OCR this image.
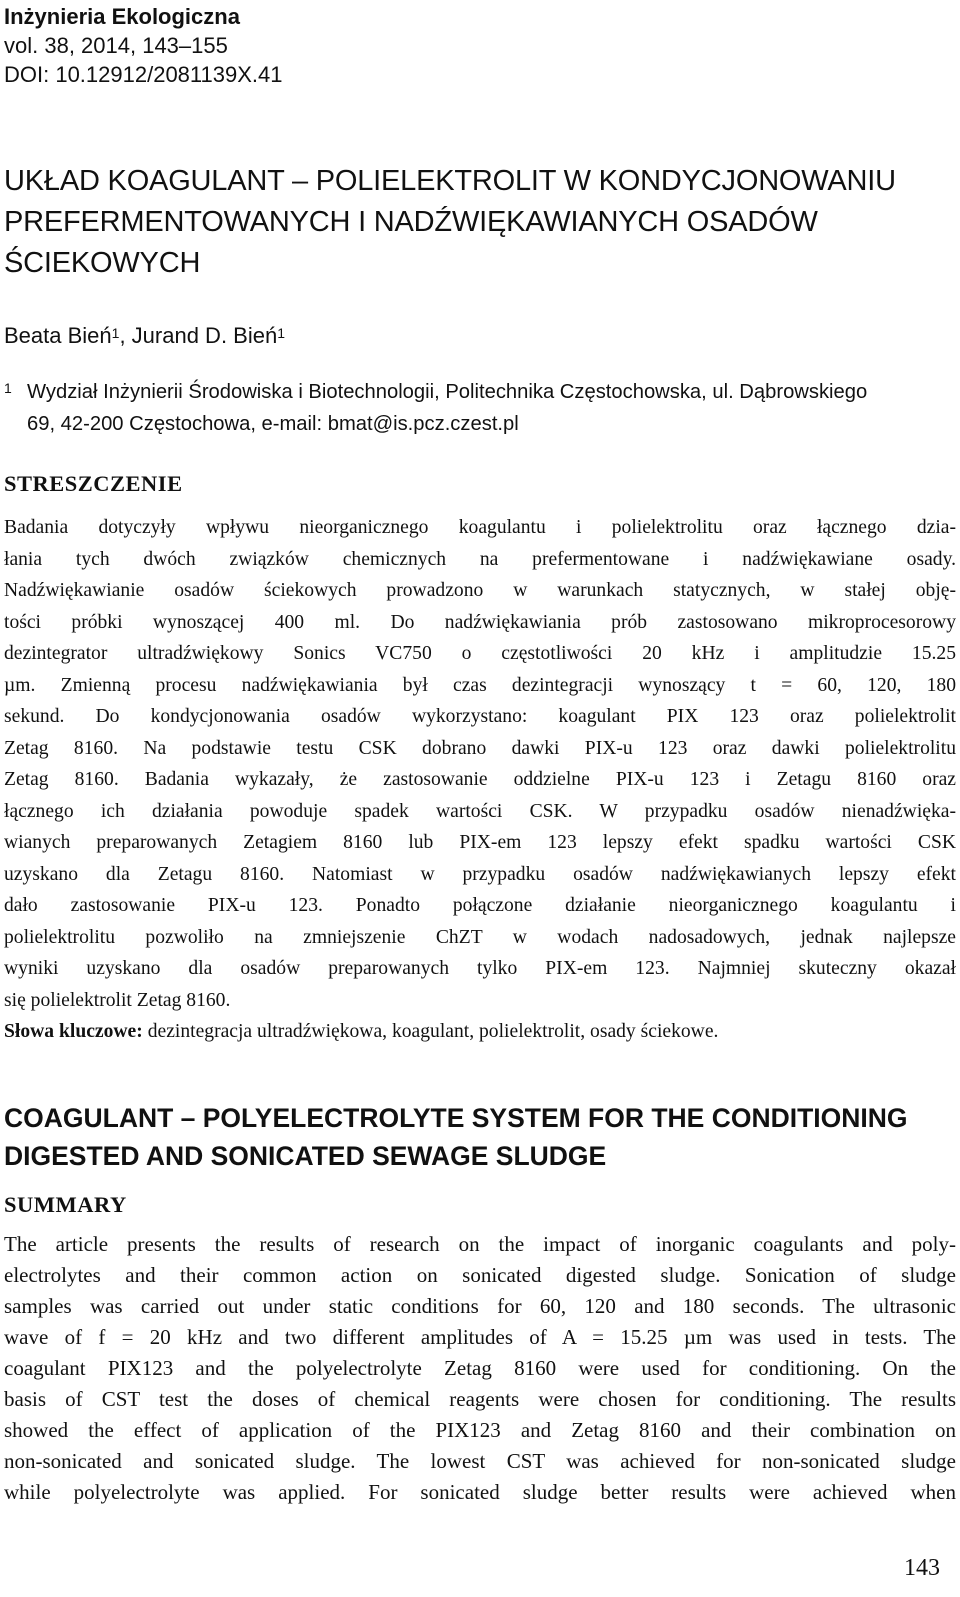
Inżynieria Ekologiczna
vol. 38, 2014, 143–155
DOI: 10.12912/2081139X.41
UKŁAD KOAGULANT – POLIELEKTROLIT W KONDYCJONOWANIU
PREFERMENTOWANYCH I NADŹWIĘKAWIANYCH OSADÓW
ŚCIEKOWYCH
Beata Bień$^1$, Jurand D. Bień$^1$
1 Wydział Inżynierii Środowiska i Biotechnologii, Politechnika Częstochowska, ul. Dąbrowskiego
69, 42-200 Częstochowa, e-mail: bmat@is.pcz.czest.pl
STRESZCZENIE
Badania dotyczyły wpływu nieorganicznego koagulantu i polielektrolitu oraz łącznego dzia-
łania tych dwóch związków chemicznych na prefermentowane i nadźwiękawiane osady.
Nadźwiękawianie osadów ściekowych prowadzono w warunkach statycznych, w stałej obję-
tości próbki wynoszącej 400 ml. Do nadźwiękawiania prób zastosowano mikroprocesorowy
dezintegrator ultradźwiękowy Sonics VC750 o częstotliwości 20 kHz i amplitudzie 15.25
µm. Zmienną procesu nadźwiękawiania był czas dezintegracji wynoszący t = 60, 120, 180
sekund. Do kondycjonowania osadów wykorzystano: koagulant PIX 123 oraz polielektrolit
Zetag 8160. Na podstawie testu CSK dobrano dawki PIX-u 123 oraz dawki polielektrolitu
Zetag 8160. Badania wykazały, że zastosowanie oddzielne PIX-u 123 i Zetagu 8160 oraz
łącznego ich działania powoduje spadek wartości CSK. W przypadku osadów nienadźwięka-
wianych preparowanych Zetagiem 8160 lub PIX-em 123 lepszy efekt spadku wartości CSK
uzyskano dla Zetagu 8160. Natomiast w przypadku osadów nadźwiękawianych lepszy efekt
dało zastosowanie PIX-u 123. Ponadto połączone działanie nieorganicznego koagulantu i
polielektrolitu pozwoliło na zmniejszenie ChZT w wodach nadosadowych, jednak najlepsze
wyniki uzyskano dla osadów preparowanych tylko PIX-em 123. Najmniej skuteczny okazał
się polielektrolit Zetag 8160.
Słowa kluczowe: dezintegracja ultradźwiękowa, koagulant, polielektrolit, osady ściekowe.
COAGULANT – POLYELECTROLYTE SYSTEM FOR THE CONDITIONING
DIGESTED AND SONICATED SEWAGE SLUDGE
SUMMARY
The article presents the results of research on the impact of inorganic coagulants and poly-
electrolytes and their common action on sonicated digested sludge. Sonication of sludge
samples was carried out under static conditions for 60, 120 and 180 seconds. The ultrasonic
wave of f = 20 kHz and two different amplitudes of A = 15.25 µm was used in tests. The
coagulant PIX123 and the polyelectrolyte Zetag 8160 were used for conditioning. On the
basis of CST test the doses of chemical reagents were chosen for conditioning. The results
showed the effect of application of the PIX123 and Zetag 8160 and their combination on
non-sonicated and sonicated sludge. The lowest CST was achieved for non-sonicated sludge
while polyelectrolyte was applied. For sonicated sludge better results were achieved when
143
